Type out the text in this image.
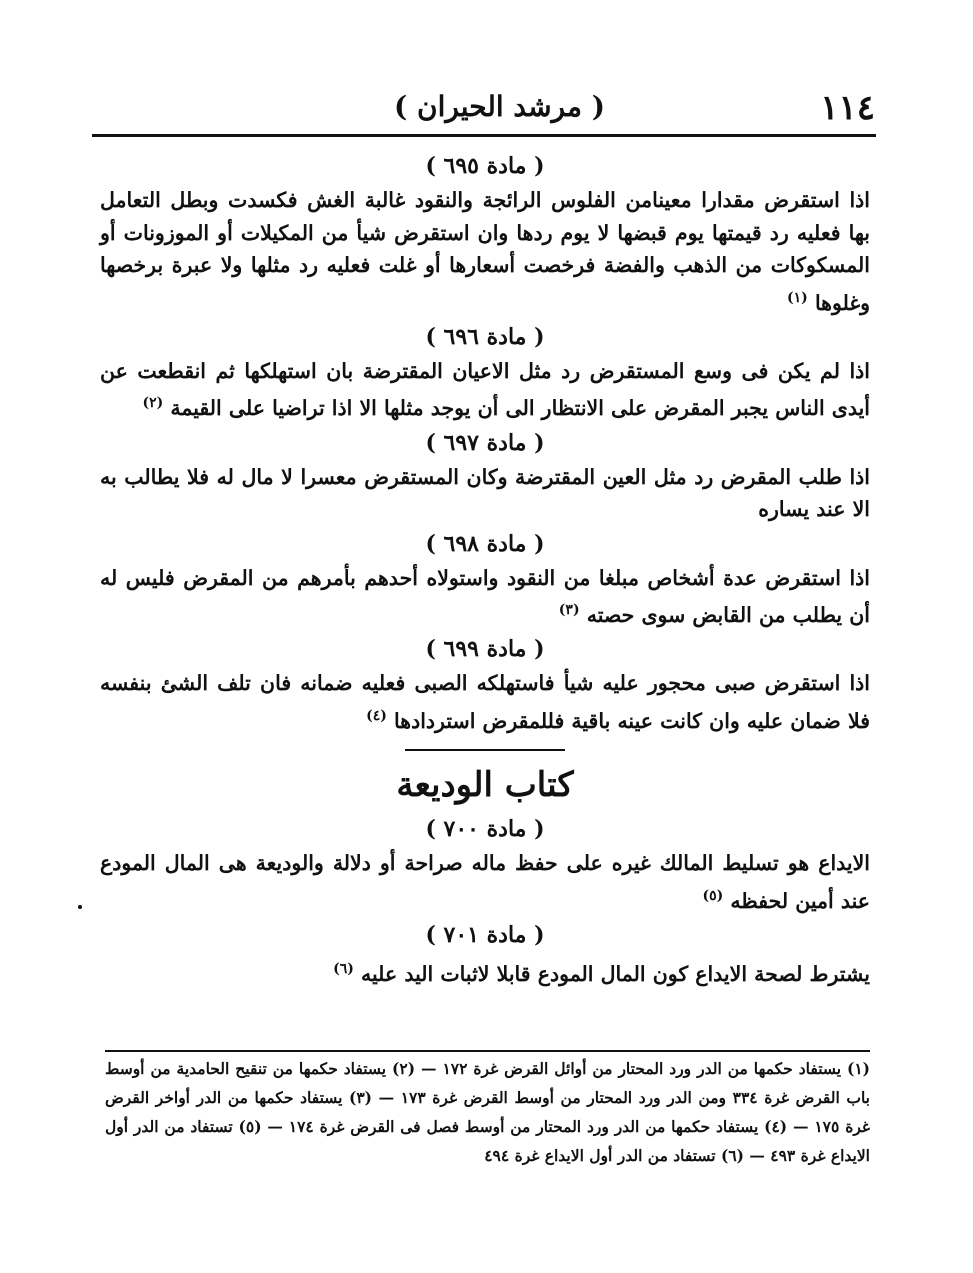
١١٤
( مرشد الحيران )
( مادة ٦٩٥ )

اذا استقرض مقدارا معينامن الفلوس الرائجة والنقود غالبة الغش فكسدت وبطل التعامل بها فعليه رد قيمتها يوم قبضها لا يوم ردها وان استقرض شيأ من المكيلات أو الموزونات أو المسكوكات من الذهب والفضة فرخصت أسعارها أو غلت فعليه رد مثلها ولا عبرة برخصها وغلوها $^{(١)}$

( مادة ٦٩٦ )

اذا لم يكن فى وسع المستقرض رد مثل الاعيان المقترضة بان استهلكها ثم انقطعت عن أيدى الناس يجبر المقرض على الانتظار الى أن يوجد مثلها الا اذا تراضيا على القيمة $^{(٢)}$

( مادة ٦٩٧ )

اذا طلب المقرض رد مثل العين المقترضة وكان المستقرض معسرا لا مال له فلا يطالب به الا عند يساره

( مادة ٦٩٨ )

اذا استقرض عدة أشخاص مبلغا من النقود واستولاه أحدهم بأمرهم من المقرض فليس له أن يطلب من القابض سوى حصته $^{(٣)}$

( مادة ٦٩٩ )

اذا استقرض صبى محجور عليه شيأ فاستهلكه الصبى فعليه ضمانه فان تلف الشئ بنفسه فلا ضمان عليه وان كانت عينه باقية فللمقرض استردادها $^{(٤)}$

كتاب الوديعة
( مادة ٧٠٠ )

الايداع هو تسليط المالك غيره على حفظ ماله صراحة أو دلالة والوديعة هى المال المودع عند أمين لحفظه $^{(٥)}$

( مادة ٧٠١ )

يشترط لصحة الايداع كون المال المودع قابلا لاثبات اليد عليه $^{(٦)}$

(١) يستفاد حكمها من الدر ورد المحتار من أوائل القرض غرة ١٧٢ — (٢) يستفاد حكمها من تنقيح الحامدية من أوسط باب القرض غرة ٣٣٤ ومن الدر ورد المحتار من أوسط القرض غرة ١٧٣ — (٣) يستفاد حكمها من الدر أواخر القرض غرة ١٧٥ — (٤) يستفاد حكمها من الدر ورد المحتار من أوسط فصل فى القرض غرة ١٧٤ — (٥) تستفاد من الدر أول الايداع غرة ٤٩٣ — (٦) تستفاد من الدر أول الايداع غرة ٤٩٤
